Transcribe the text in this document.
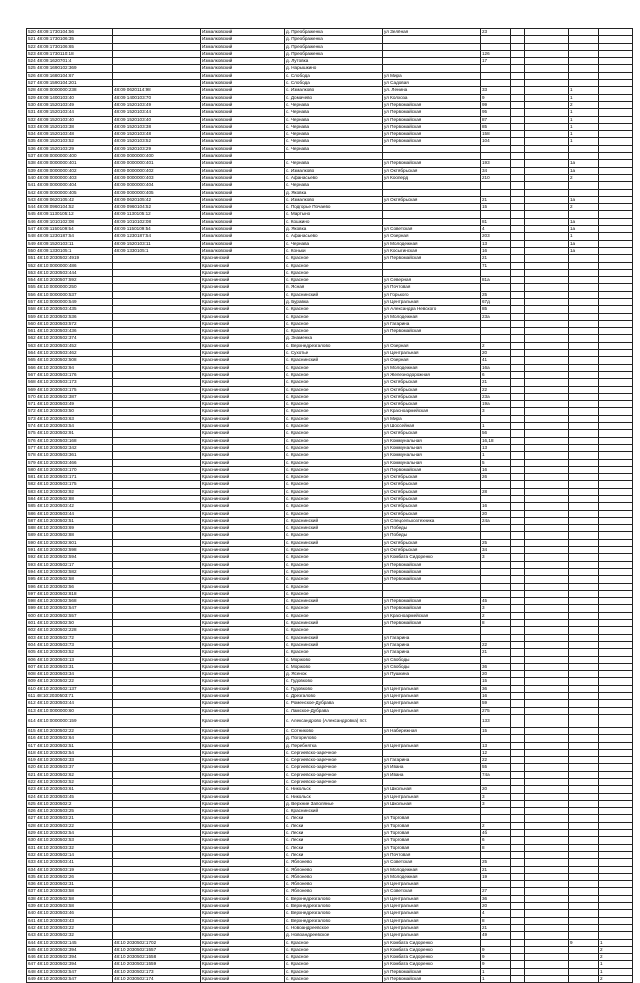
520 48:09:1730104:56		Измалковский	д. Преображенка	ул Зелёная	23				
521 48:09:1730106:35		Измалковский	д. Преображенка						
522 48:09:1730106:65		Измалковский	д. Преображенка						
523 48:09:1730110:18		Измалковский	д. Преображенка		126				
524 48:09:1620701:4		Измалковский	д. Лутовка		17				
525 48:09:1690102:369		Измалковский	д. Нарышкино						
526 48:09:1680104:67		Измалковский	с. Слобода	ул Мира					
527 48:09:1590104:201		Измалковский	с. Слобода	ул Садовая					
528 48:09:0000000:238	48:09 0620114:98	Измалковский	с. Измалково	ул. Ленина	33			1	
529 48:09:1400103:40	48:09 1400103:70	Измалковский	с. Домачево	ул Колхоза	9			1	
530 48:09:1520103:49	48:09 1520103:49	Измалковский	с. Чернава	ул Первомайская	99			2	
531 48:09:1520103:44	48:09 1520103:44	Измалковский	с. Чернава	ул Первомайская	95			1	
532 48:09:1520103:40	48:09 1520103:40	Измалковский	с. Чернава	ул Первомайская	87			1	
533 48:09:1520103:38	48:09 1520103:38	Измалковский	с. Чернава	ул Первомайская	85			1	
534 48:09:1520103:48	48:09 1520103:48	Измалковский	с. Чернава	ул Первомайская	158			1	
535 48:09:1520103:52	48:09 1520103:52	Измалковский	с. Чернава	ул Первомайская	104			1	
536 48:09:1520103:29	48:09 1520103:29	Измалковский	с. Чернава						
537 48:09:0000000:400	48:09 0000000:400	Измалковский							
538 48:09:0000000:401	48:09 0000000:401	Измалковский	с. Чернава	ул Первомайская	193			1а	
539 48:09:0000000:402	48:09 0000000:402	Измалковский	с. Измалково	ул Октябрьская	34			1а	
540 48:09:0000000:403	48:09 0000000:403	Измалковский	с. Афанасьево	ул Кооперд	210			2	
541 48:09:0000000:404	48:09 0000000:404	Измалковский	с. Чернава						
542 48:09:0000000:405	48:09 0000000:405	Измалковский	д. Яковка						
543 48:09:0620105:42	48:09 0620105:42	Измалковский	с. Измалково	ул Октябрьская	21			1а	
544 48:09:0960104:52	48:09 0960104:52	Измалковский	с. Подгорье Почаево		15			2	
545 48:09:1130105:12	48:09 1130105:12	Измалковский	с. Мартыно						
546 48:09:1010102:08	48:09 1010102:08	Измалковский	с. Кошкино		81			1а	
547 48:09:1150109:54	48:09 1150109:54	Измалковский	д. Яковка	ул Советская	4			1а	
548 48:09:1230187:54	48:09 1230187:54	Измалковский	с. Афанасьево	ул Озерная	203			1	
549 48:09:1520103:11	48:09 1520103:11	Измалковский	с. Чернава	ул Молодежная	13			1а	
550 48:09:1330105:1	48:09 1330105:1	Измалковский	с. Коньки	ул Косыгинская	16			1а	
551 48:10:2030502:4919		Краснинский	с. Красное	ул Первомайская	21				
552 48:10:0000000:486		Краснинский	с. Красное		71				
553 48:10:2030503:444		Краснинский	с. Красное						
554 48:10:2030507:592		Краснинский	с. Красное	ул Северная	81а				
555 48:10:0000000:250		Краснинский	п. Ясная	ул Почтовая					
556 48:10:0000000:537		Краснинский	с. Краснинский	ул Горького	25				
557 48:10:0000000:549		Краснинский	д. Буравка	ул Центральная	67д				
558 48:10:2030503:435		Краснинский	с. Красное	ул Александра Невского	85				
559 48:10:2030502:536		Краснинский	с. Красное	ул Молодежная	23а				
560 48:10:2030503:572		Краснинский	с. Красное	ул Гагарина					
561 48:10:2030503:436		Краснинский	с. Красное	ул Первомайская					
562 48:10:2030502:374		Краснинский	д. Знаменка						
563 48:10:2030503:452		Краснинский	с. Верхнедрезгалово	ул Озерная	2				
564 48:10:2030503:462		Краснинский	с. Сухотье	ул Центральная	20				
565 48:10:2030502:508		Краснинский	с. Краснинский	ул Озерная	41				
566 48:10:2030502:94		Краснинский	с. Красное	ул Молодежная	16а				
567 48:10:2030503:176		Краснинский	с. Красное	ул Железнодорожная	6				
568 48:10:2030503:173		Краснинский	с. Красное	ул Октябрьская	21				
569 48:10:2030503:175		Краснинский	с. Красное	ул Октябрьская	22				
570 48:10:2030502:387		Краснинский	с. Красное	ул Октябрьская	23а				
571 48:10:2030503:49		Краснинский	с. Красное	ул Октябрьская	19а				
572 48:10:2030503:50		Краснинский	с. Красное	ул Красноармейская	3				
573 48:10:2030503:63		Краснинский	с. Красное	ул Мира					
574 48:10:2030503:54		Краснинский	с. Красное	ул Шоссейная	1				
575 48:10:2030502:91		Краснинский	с. Красное	ул Октябрьская	56				
576 48:10:2030503:168		Краснинский	с. Красное	ул Коммунальная	16,18				
577 48:10:2030502:342		Краснинский	с. Красное	ул Коммунальная	13				
578 48:10:2030503:361		Краснинский	с. Красное	ул Коммунальная	1				
579 48:10:2030503:466		Краснинский	с. Красное	ул Коммунальная	5				
580 48:10:2030503:170		Краснинский	с. Красное	ул Первомайская	16				
581 48:10:2030503:171		Краснинский	с. Красное	ул Октябрьская	26				
582 48:10:2030503:175		Краснинский	с. Красное	ул Октябрьская					
583 48:10:2030502:92		Краснинский	с. Красное	ул Октябрьская	28				
584 48:10:2030502:88		Краснинский	с. Красное	ул Октябрьская					
585 48:10:2030503:42		Краснинский	с. Красное	ул Октябрьская	16				
586 48:10:2030503:44		Краснинский	с. Красное	ул Октябрьская	20				
587 48:10:2030502:51		Краснинский	с. Краснинский	ул Спецсельхозтехника	24а				
588 48:10:2030503:69		Краснинский	с. Краснинский	ул Победы					
589 48:10:2030502:88		Краснинский	с. Красное	ул Победы					
590 48:10:2030502:601		Краснинский	с. Краснинский	ул Октябрьская	25				
591 48:10:2030502:598		Краснинский	с. Красное	ул Октябрьская	34				
592 48:10:2030502:594		Краснинский	с. Красное	ул Комбата Сидоренко	3				
593 48:10:2030502:17		Краснинский	с. Красное	ул Первомайская					
594 48:10:2030502:582		Краснинский	с. Красное	ул Первомайская					
595 48:10:2030502:58		Краснинский	с. Красное	ул Первомайская					
596 48:10:2030502:56		Краснинский	с. Красное						
597 48:10:2030502:818		Краснинский	с. Красное						
598 48:10:2030502:568		Краснинский	с. Краснинский	ул Первомайская	45				
599 48:10:2030502:547		Краснинский	с. Красное	ул Первомайская	3				
600 48:10:2030502:557		Краснинский	с. Красное	ул Красноармейская	2				
601 48:10:2030502:50		Краснинский	с. Краснинский	ул Первомайская	8				
602 48:10:2030502:228		Краснинский	с. Красное						
603 48:10:2030502:72		Краснинский	с. Краснинский	ул Гагарина					
604 48:10:2030503:73		Краснинский	с. Краснинский	ул Гагарина	22				
605 48:10:2030503:52		Краснинский	с. Красное	ул Гагарина	21				
606 48:10:2030503:13		Краснинский	с. Моржово	ул Свободы					
607 48:10:2030503:31		Краснинский	с. Моржово	ул Свободы	36				
608 48:10:2030503:34		Краснинский	д. Ясенок	ул Пушкина	20				
609 48:10:2030502:22		Краснинский	с. Гудовково		15				
610 48:10:2030502:137		Краснинский	с. Гудовково	ул Центральная	36				
611 48:10:2030503:71		Краснинский	с. Дрезгалово	ул Центральная	16				
612 48:10:2030503:44		Краснинский	с. Роменское-Дубрава	ул Центральная	59				
613 48:10:0000000:60		Краснинский	с. Ламское-Дубрава	ул Центральная	275				
614 48:10:0000000:159		Краснинский	с. Александрово (Александровка) пст.		133				
615 48:10:2030502:22		Краснинский	с. Сотниково	ул Набережная	15				
616 48:10:2030502:64		Краснинский	д. Погорелово						
617 48:10:2030502:51		Краснинский	д. Перебнятка	ул Центральная	13				
618 48:10:2030502:54		Краснинский	с. Сергиевско-заречное		12				
619 48:10:2030502:33		Краснинский	с. Сергиевско-заречное	ул Гагарина	22				
620 48:10:2030503:37		Краснинский	с. Сергиевско-заречное	ул Ивана	55				
621 48:10:2030502:62		Краснинский	с. Сергиевско-заречное	ул Ивана	74а				
622 48:10:2030502:52		Краснинский	с. Сергиевско-заречное						
623 48:10:2030503:61		Краснинский	с. Никольск	ул Школьная	20				
624 48:10:2030503:45		Краснинский	с. Никольск	ул Центральная	3				
625 48:10:2030502:2		Краснинский	д. Верхние Заполянье	ул Школьная	3				
626 48:10:2030503:25		Краснинский	с. Краснинский						
627 48:10:2030503:21		Краснинский	с. Лески	ул Торговая					
628 48:10:2030503:22		Краснинский	с. Лески	ул Торговая	2				
629 48:10:2030502:54		Краснинский	с. Лески	ул Торговая	4б				
630 48:10:2030502:53		Краснинский	с. Лески	ул Торговая	6				
631 48:10:2030503:32		Краснинский	с. Лески	ул Торговая	8				
632 48:10:2030502:14		Краснинский	с. Лески	ул Почтовая					
633 48:10:2030503:41		Краснинский	с. Яблонево	ул Советская	25				
634 48:10:2030503:19		Краснинский	с. Яблонево	ул Молодежная	21				
635 48:10:2030502:26		Краснинский	с. Яблонево	ул Молодежная	19				
636 48:10:2030502:31		Краснинский	с. Яблонево	ул Центральная					
637 48:10:2030503:58		Краснинский	с. Яблонево	ул Советская	27				
638 48:10:2030502:58		Краснинский	с. Верхнедрезгалово	ул Центральная	36				
639 48:10:2030503:58		Краснинский	с. Верхнедрезгалово	ул Центральная	20				
640 48:10:2030503:46		Краснинский	с. Верхнедрезгалово	ул Центральная	4				
641 48:10:2030503:43		Краснинский	с. Верхнедрезгалово	ул Центральная	8				
642 48:10:2030503:22		Краснинский	с. Новоандреевское	ул Центральная	21				
643 48:10:2030502:32		Краснинский	д. Новоандреевское	ул Центральная	49				
644 48:10:2030502:145	48:10 2030502:1702	Краснинский	с. Красное	ул Комбата Сидоренко				9	1
645 48:10:2030502:394	48:10 2030502:1557	Краснинский	с. Красное	ул Комбата Сидоренко	9				2
646 48:10:2030502:394	48:10 2030502:1558	Краснинский	с. Красное	ул Комбата Сидоренко	9				2
647 48:10:2030502:394	48:10 2030502:1559	Краснинский	с. Красное	ул Комбата Сидоренко	9				1
648 48:10:2030502:547	48:10 2030502:173	Краснинский	с. Красное	ул Первомайская	1				1
649 48:10:2030502:547	48:10 2030502:174	Краснинский	с. Красное	ул Первомайская	1				2
